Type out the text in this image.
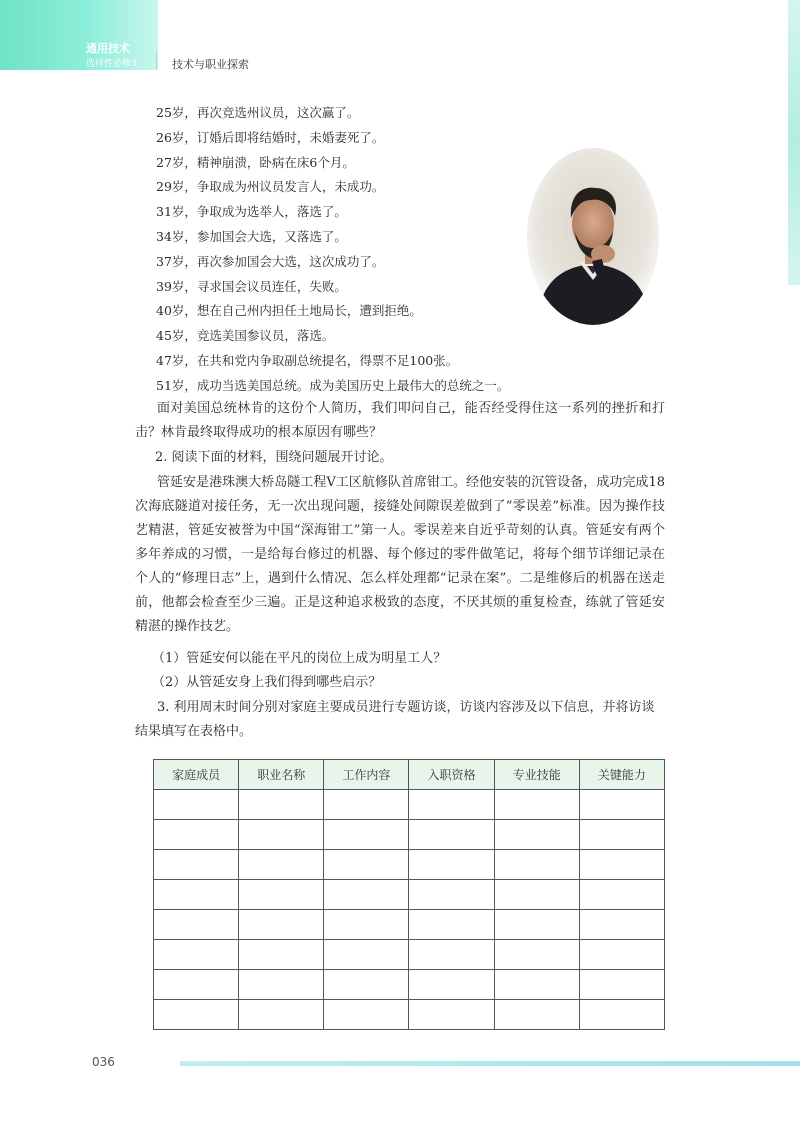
通用技术
选择性必修3	技术与职业探索
25岁，再次竞选州议员，这次赢了。
26岁，订婚后即将结婚时，未婚妻死了。
27岁，精神崩溃，卧病在床6个月。
29岁，争取成为州议员发言人，未成功。
31岁，争取成为选举人，落选了。
34岁，参加国会大选，又落选了。
37岁，再次参加国会大选，这次成功了。
39岁，寻求国会议员连任，失败。
40岁，想在自己州内担任土地局长，遭到拒绝。
45岁，竞选美国参议员，落选。
47岁，在共和党内争取副总统提名，得票不足100张。
51岁，成功当选美国总统。成为美国历史上最伟大的总统之一。
面对美国总统林肯的这份个人简历，我们叩问自己，能否经受得住这一系列的挫折和打击？林肯最终取得成功的根本原因有哪些？
2. 阅读下面的材料，围绕问题展开讨论。
管延安是港珠澳大桥岛隧工程V工区航修队首席钳工。经他安装的沉管设备，成功完成18次海底隧道对接任务，无一次出现问题，接缝处间隙误差做到了“零误差”标准。因为操作技艺精湛，管延安被誉为中国“深海钳工”第一人。零误差来自近乎苛刻的认真。管延安有两个多年养成的习惯，一是给每台修过的机器、每个修过的零件做笔记，将每个细节详细记录在个人的“修理日志”上，遇到什么情况、怎么样处理都“记录在案”。二是维修后的机器在送走前，他都会检查至少三遍。正是这种追求极致的态度，不厌其烦的重复检查，练就了管延安精湛的操作技艺。
（1）管延安何以能在平凡的岗位上成为明星工人？
（2）从管延安身上我们得到哪些启示？
3. 利用周末时间分别对家庭主要成员进行专题访谈，访谈内容涉及以下信息，并将访谈结果填写在表格中。
家庭成员	职业名称	工作内容	入职资格	专业技能	关键能力

036
